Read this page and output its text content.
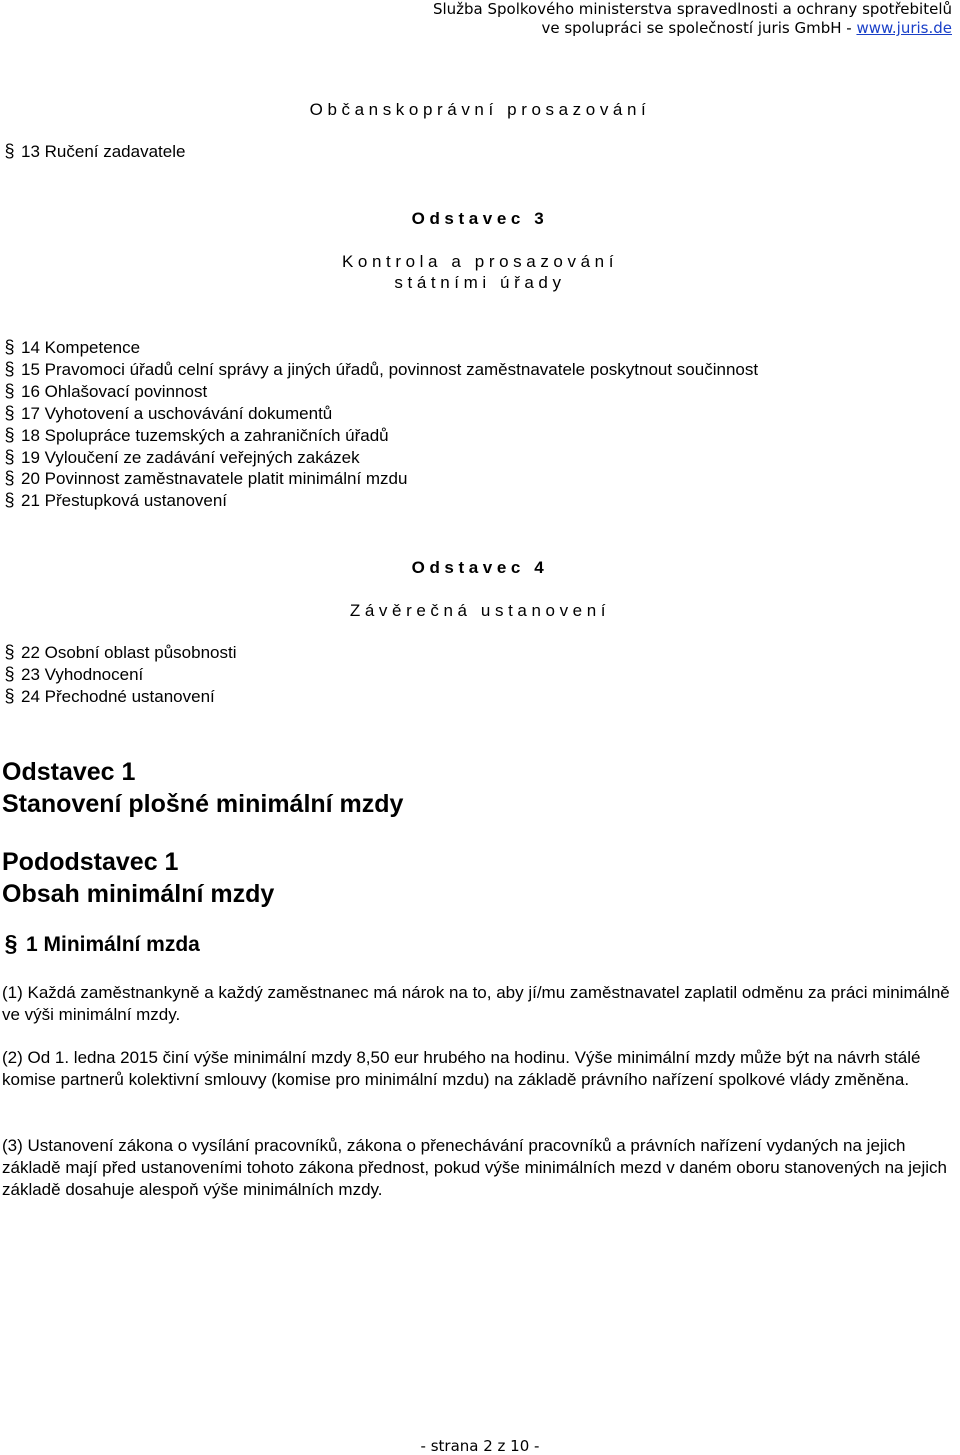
Služba Spolkového ministerstva spravedlnosti a ochrany spotřebitelů
ve spolupráci se společností juris GmbH - www.juris.de
Občanskoprávní prosazování
§ 13 Ručení zadavatele
Odstavec 3
Kontrola a prosazování
státními úřady
§ 14 Kompetence
§ 15 Pravomoci úřadů celní správy a jiných úřadů, povinnost zaměstnavatele poskytnout součinnost
§ 16 Ohlašovací povinnost
§ 17 Vyhotovení a uschovávání dokumentů
§ 18 Spolupráce tuzemských a zahraničních úřadů
§ 19 Vyloučení ze zadávání veřejných zakázek
§ 20 Povinnost zaměstnavatele platit minimální mzdu
§ 21 Přestupková ustanovení
Odstavec 4
Závěrečná ustanovení
§ 22 Osobní oblast působnosti
§ 23 Vyhodnocení
§ 24 Přechodné ustanovení
Odstavec 1
Stanovení plošné minimální mzdy
Pododstavec 1
Obsah minimální mzdy
§ 1 Minimální mzda
(1) Každá zaměstnankyně a každý zaměstnanec má nárok na to, aby jí/mu zaměstnavatel zaplatil odměnu za práci minimálně ve výši minimální mzdy.
(2) Od 1. ledna 2015 činí výše minimální mzdy 8,50 eur hrubého na hodinu. Výše minimální mzdy může být na návrh stálé komise partnerů kolektivní smlouvy (komise pro minimální mzdu) na základě právního nařízení spolkové vlády změněna.
(3) Ustanovení zákona o vysílání pracovníků, zákona o přenechávání pracovníků a právních nařízení vydaných na jejich základě mají před ustanoveními tohoto zákona přednost, pokud výše minimálních mezd v daném oboru stanovených na jejich základě dosahuje alespoň výše minimálních mzdy.
- strana 2 z 10 -
